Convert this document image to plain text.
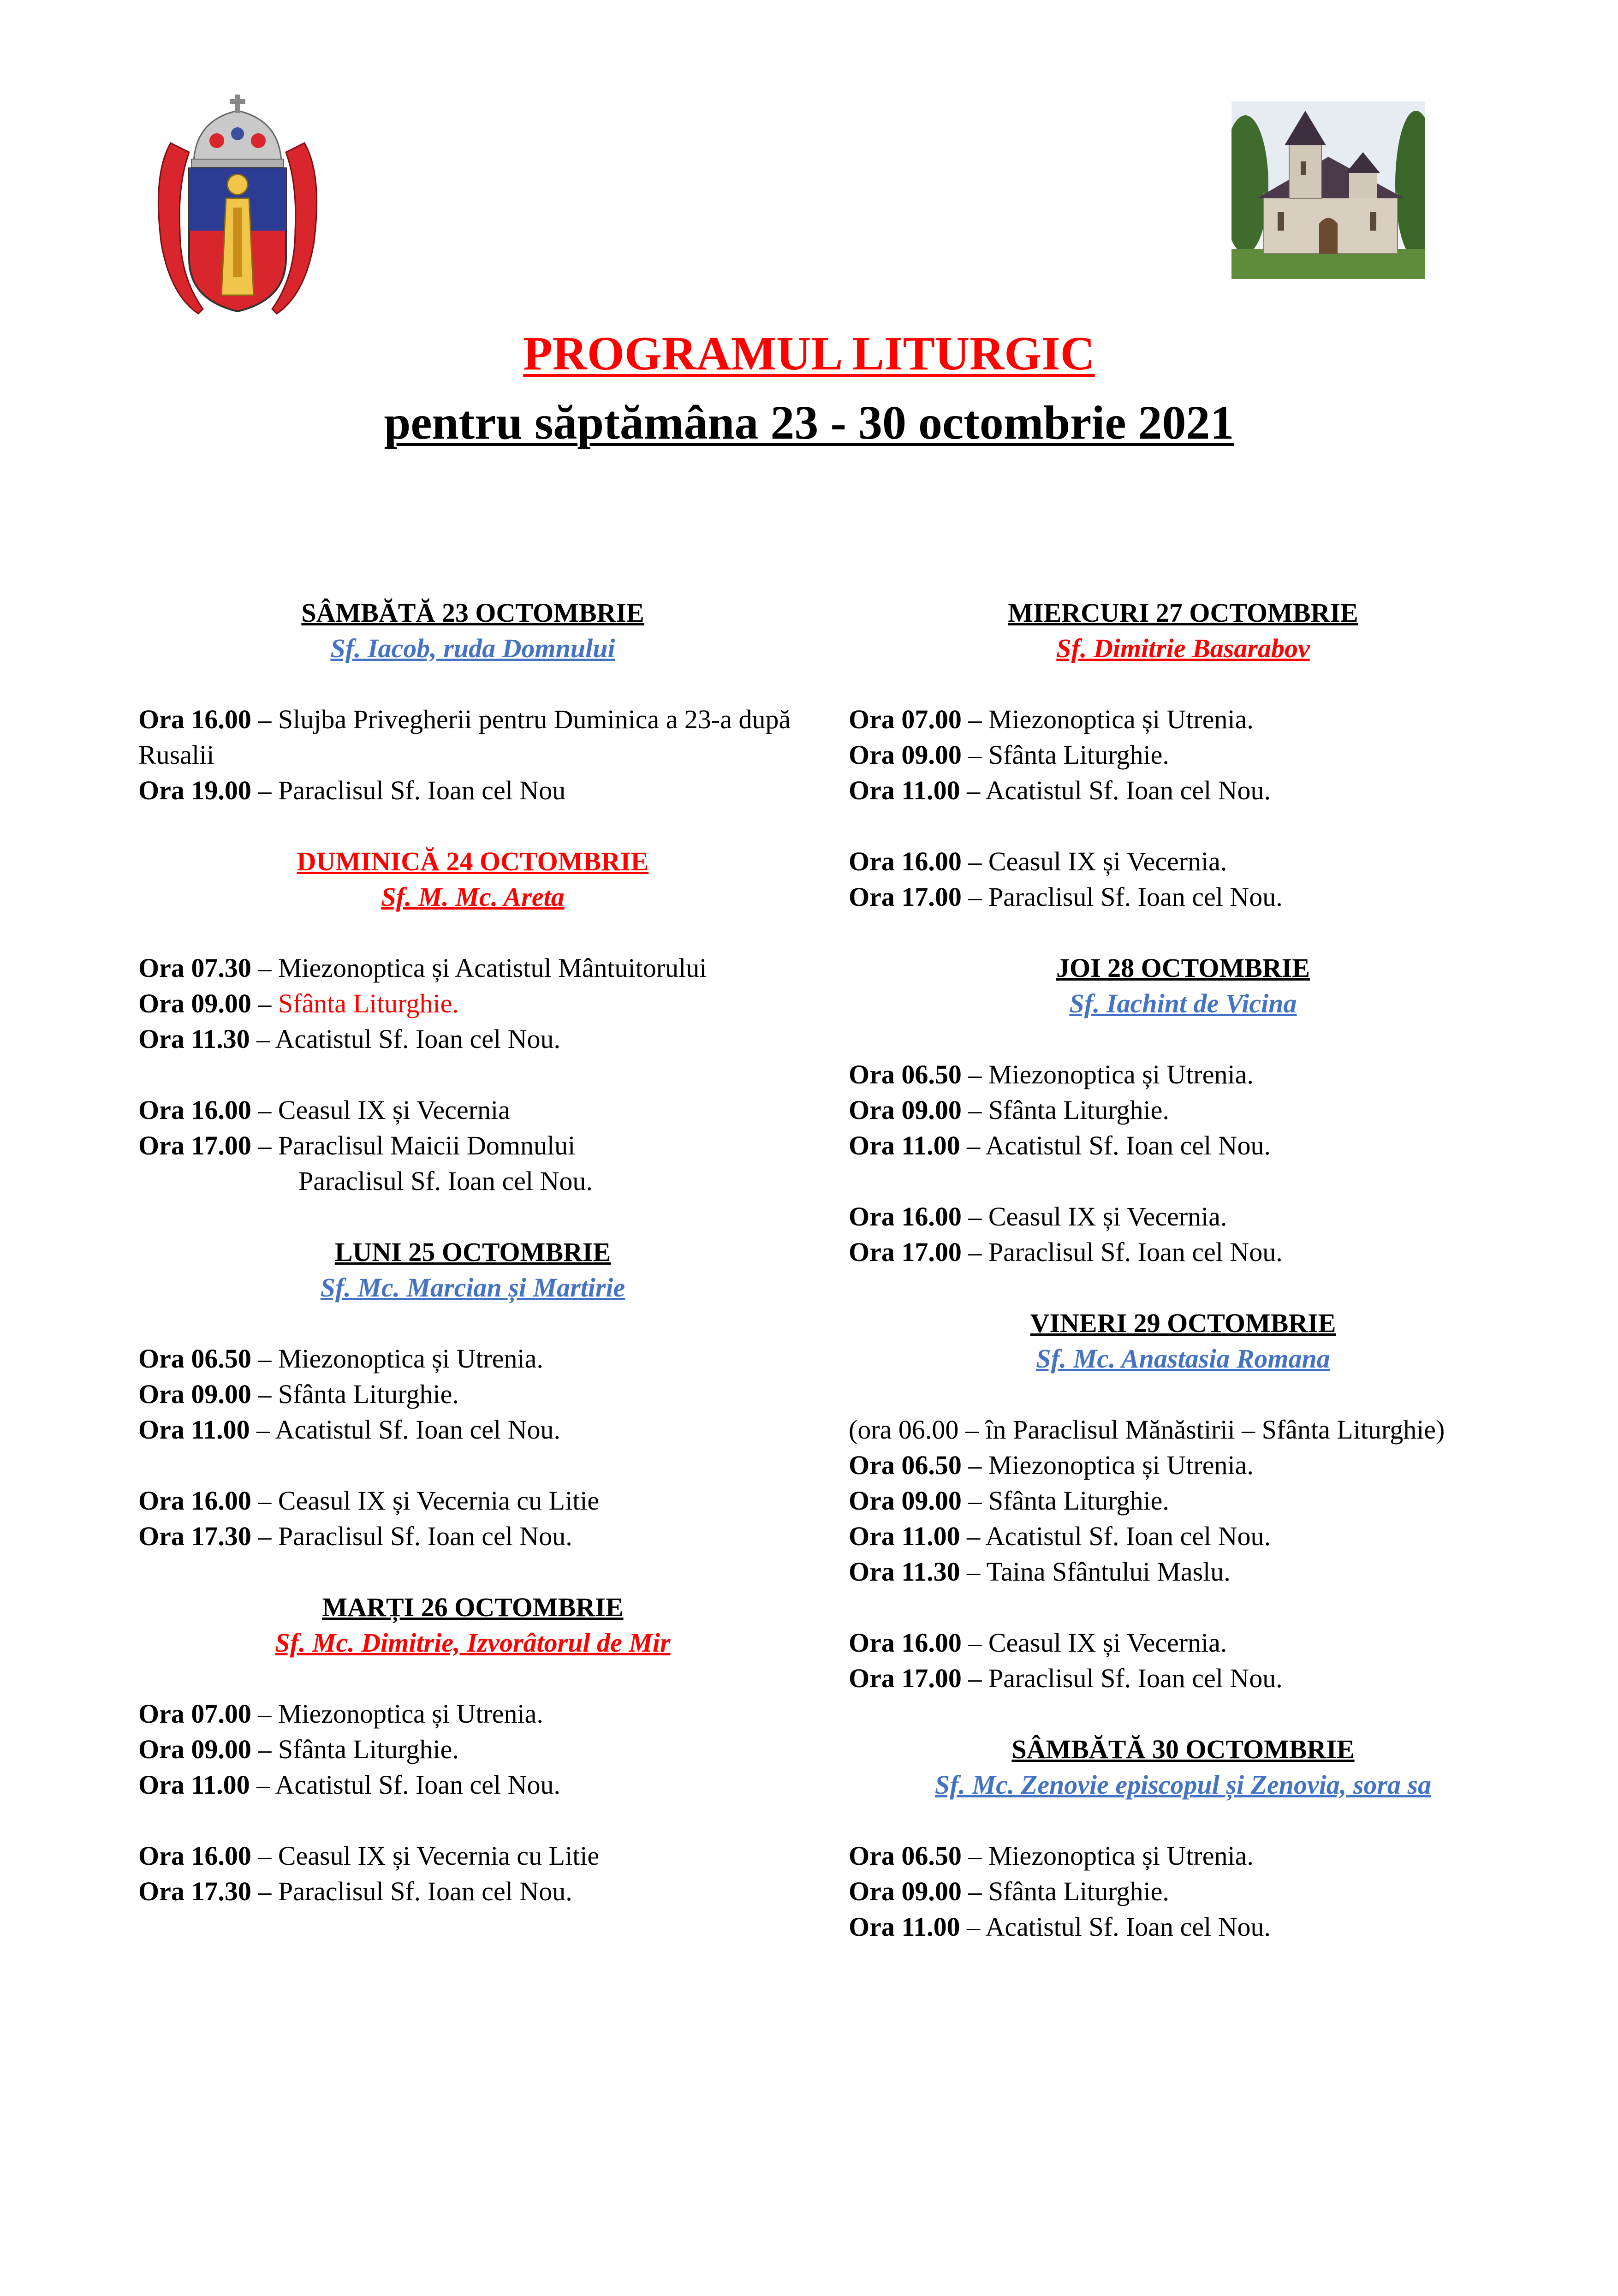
PROGRAMUL LITURGIC
pentru săptămâna 23 - 30 octombrie 2021
SÂMBĂTĂ 23 OCTOMBRIE
Sf. Iacob, ruda Domnului
Ora 16.00 – Slujba Privegherii pentru Duminica a 23-a după Rusalii
Ora 19.00 – Paraclisul Sf. Ioan cel Nou
DUMINICĂ 24 OCTOMBRIE
Sf. M. Mc. Areta
Ora 07.30 – Miezonoptica și Acatistul Mântuitorului
Ora 09.00 – Sfânta Liturghie.
Ora 11.30 – Acatistul Sf. Ioan cel Nou.
Ora 16.00 – Ceasul IX și Vecernia
Ora 17.00 – Paraclisul Maicii Domnului
Paraclisul Sf. Ioan cel Nou.
LUNI 25 OCTOMBRIE
Sf. Mc. Marcian și Martirie
Ora 06.50 – Miezonoptica și Utrenia.
Ora 09.00 – Sfânta Liturghie.
Ora 11.00 – Acatistul Sf. Ioan cel Nou.
Ora 16.00 – Ceasul IX și Vecernia cu Litie
Ora 17.30 – Paraclisul Sf. Ioan cel Nou.
MARȚI 26 OCTOMBRIE
Sf. Mc. Dimitrie, Izvorâtorul de Mir
Ora 07.00 – Miezonoptica și Utrenia.
Ora 09.00 – Sfânta Liturghie.
Ora 11.00 – Acatistul Sf. Ioan cel Nou.
Ora 16.00 – Ceasul IX și Vecernia cu Litie
Ora 17.30 – Paraclisul Sf. Ioan cel Nou.
MIERCURI 27 OCTOMBRIE
Sf. Dimitrie Basarabov
Ora 07.00 – Miezonoptica și Utrenia.
Ora 09.00 – Sfânta Liturghie.
Ora 11.00 – Acatistul Sf. Ioan cel Nou.
Ora 16.00 – Ceasul IX și Vecernia.
Ora 17.00 – Paraclisul Sf. Ioan cel Nou.
JOI 28 OCTOMBRIE
Sf. Iachint de Vicina
Ora 06.50 – Miezonoptica și Utrenia.
Ora 09.00 – Sfânta Liturghie.
Ora 11.00 – Acatistul Sf. Ioan cel Nou.
Ora 16.00 – Ceasul IX și Vecernia.
Ora 17.00 – Paraclisul Sf. Ioan cel Nou.
VINERI 29 OCTOMBRIE
Sf. Mc. Anastasia Romana
(ora 06.00 – în Paraclisul Mănăstirii – Sfânta Liturghie)
Ora 06.50 – Miezonoptica și Utrenia.
Ora 09.00 – Sfânta Liturghie.
Ora 11.00 – Acatistul Sf. Ioan cel Nou.
Ora 11.30 – Taina Sfântului Maslu.
Ora 16.00 – Ceasul IX și Vecernia.
Ora 17.00 – Paraclisul Sf. Ioan cel Nou.
SÂMBĂTĂ 30 OCTOMBRIE
Sf. Mc. Zenovie episcopul și Zenovia, sora sa
Ora 06.50 – Miezonoptica și Utrenia.
Ora 09.00 – Sfânta Liturghie.
Ora 11.00 – Acatistul Sf. Ioan cel Nou.
